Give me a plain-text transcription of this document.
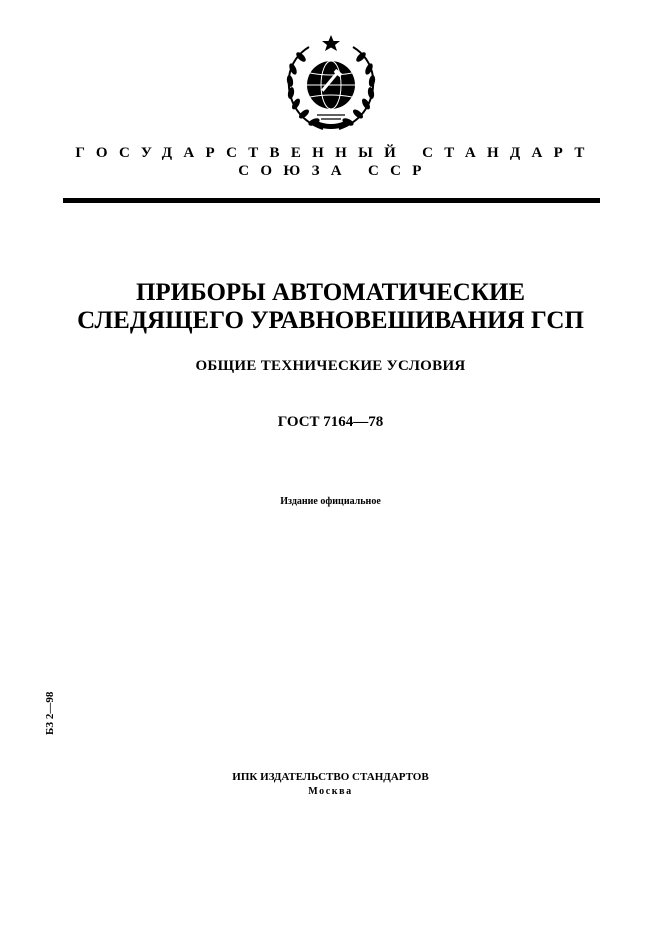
ГОСУДАРСТВЕННЫЙ СТАНДАРТ
СОЮЗА ССР
ПРИБОРЫ АВТОМАТИЧЕСКИЕ
СЛЕДЯЩЕГО УРАВНОВЕШИВАНИЯ ГСП
ОБЩИЕ ТЕХНИЧЕСКИЕ УСЛОВИЯ
ГОСТ 7164—78
Издание официальное
БЗ 2—98
ИПК ИЗДАТЕЛЬСТВО СТАНДАРТОВ
Москва
